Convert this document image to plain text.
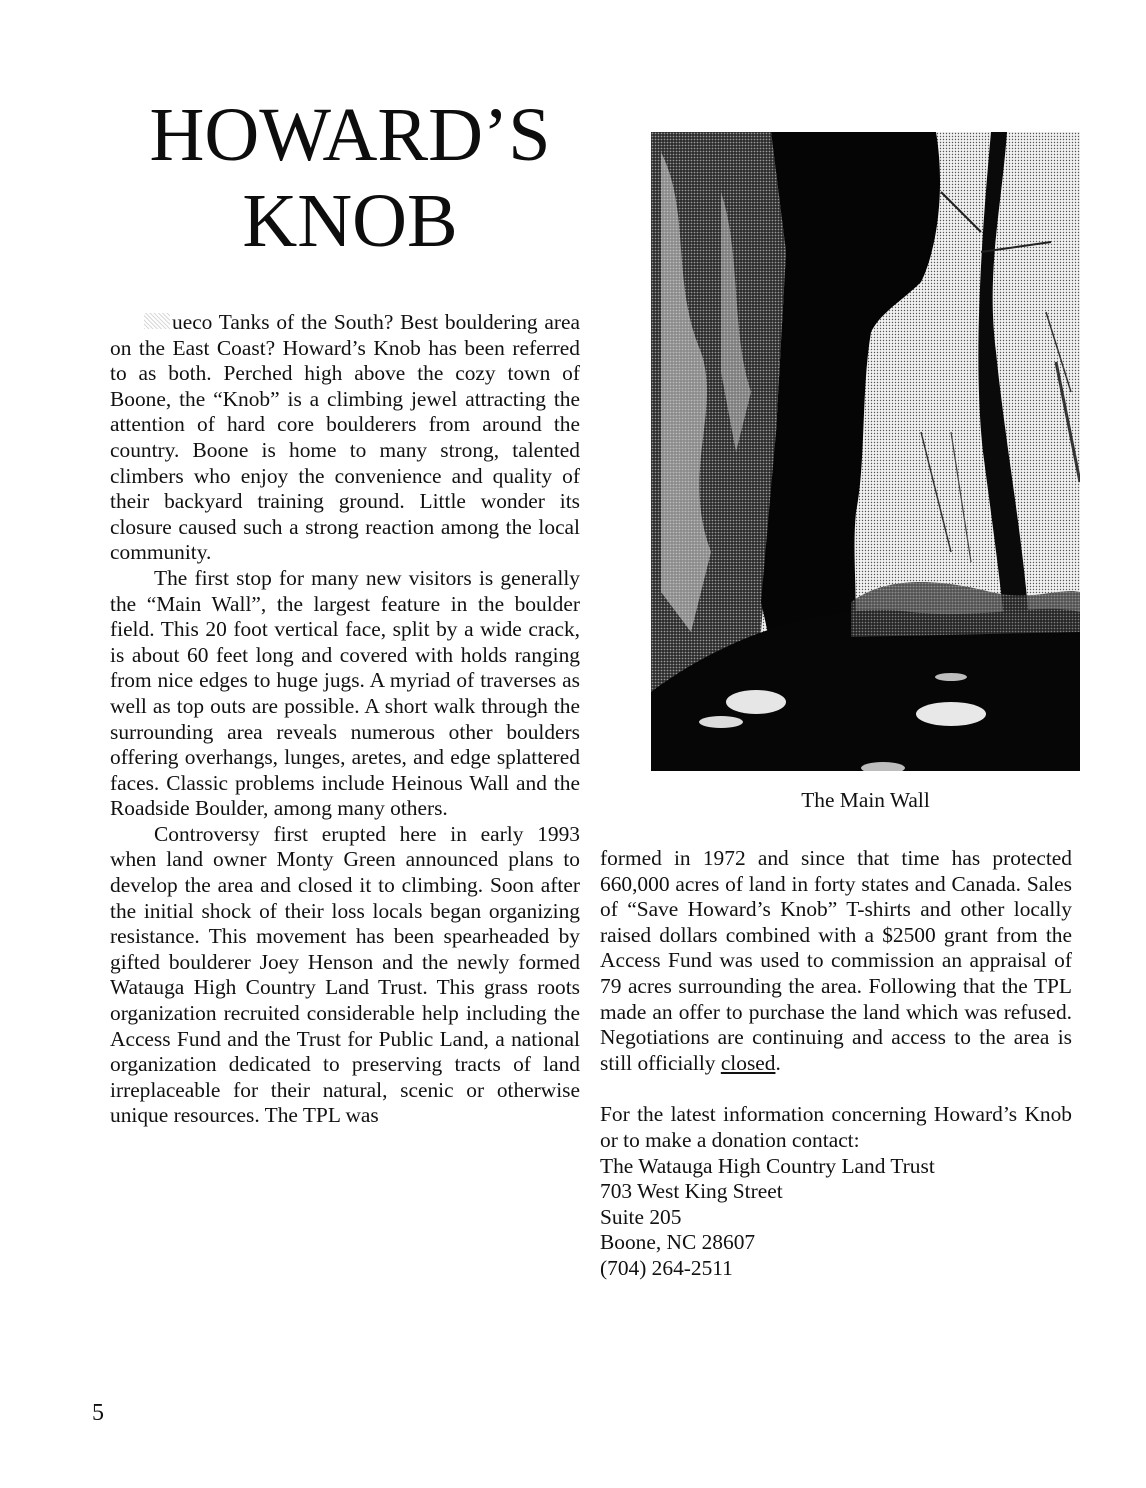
HOWARD’S
KNOB

ueco Tanks of the South? Best bouldering area on the East Coast? Howard’s Knob has been referred to as both. Perched high above the cozy town of Boone, the “Knob” is a climbing jewel attracting the attention of hard core boulderers from around the country. Boone is home to many strong, talented climbers who enjoy the convenience and quality of their backyard training ground. Little wonder its closure caused such a strong reaction among the local community.

The first stop for many new visitors is generally the “Main Wall”, the largest feature in the boulder field. This 20 foot vertical face, split by a wide crack, is about 60 feet long and covered with holds ranging from nice edges to huge jugs. A myriad of traverses as well as top outs are possible. A short walk through the surrounding area reveals numerous other boulders offering overhangs, lunges, aretes, and edge splattered faces. Classic problems include Heinous Wall and the Roadside Boulder, among many others.

Controversy first erupted here in early 1993 when land owner Monty Green announced plans to develop the area and closed it to climbing. Soon after the initial shock of their loss locals began organizing resistance. This movement has been spearheaded by gifted boulderer Joey Henson and the newly formed Watauga High Country Land Trust. This grass roots organization recruited considerable help including the Access Fund and the Trust for Public Land, a national organization dedicated to preserving tracts of land irreplaceable for their natural, scenic or otherwise unique resources. The TPL was

The Main Wall

formed in 1972 and since that time has protected 660,000 acres of land in forty states and Canada. Sales of “Save Howard’s Knob” T-shirts and other locally raised dollars combined with a $2500 grant from the Access Fund was used to commission an appraisal of 79 acres surrounding the area. Following that the TPL made an offer to purchase the land which was refused. Negotiations are continuing and access to the area is still officially closed.

For the latest information concerning Howard’s Knob or to make a donation contact:

The Watauga High Country Land Trust
703 West King Street
Suite 205
Boone, NC 28607
(704) 264-2511
5
